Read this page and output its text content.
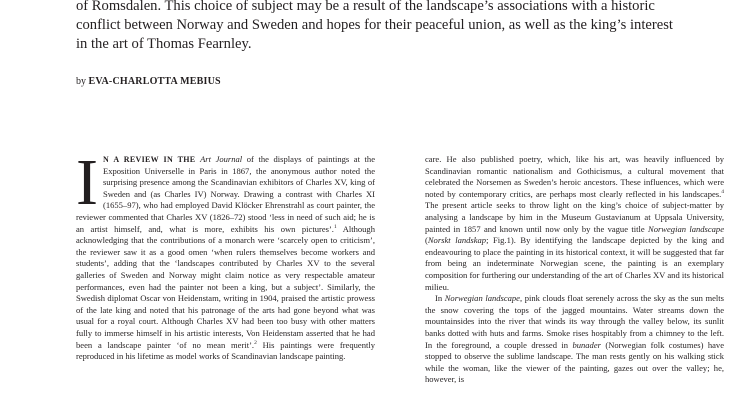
of Romsdalen. This choice of subject may be a result of the landscape’s associations with a historic
conflict between Norway and Sweden and hopes for their peaceful union, as well as the king’s interest
in the art of Thomas Fearnley.

by EVA-CHARLOTTA MEBIUS

I N A REVIEW IN THE Art Journal of the displays of paintings at the Exposition Universelle in Paris in 1867, the anonymous author noted the surprising presence among the Scandinavian exhibitors of Charles XV, king of Sweden and (as Charles IV) Norway. Drawing a contrast with Charles XI (1655–97), who had employed David Klöcker Ehrenstrahl as court painter, the reviewer commented that Charles XV (1826–72) stood ‘less in need of such aid; he is an artist himself, and, what is more, exhibits his own pictures’.$^1$ Although acknowledging that the contributions of a monarch were ‘scarcely open to criticism’, the reviewer saw it as a good omen ‘when rulers themselves become workers and students’, adding that the ‘landscapes contributed by Charles XV to the several galleries of Sweden and Norway might claim notice as very respectable amateur performances, even had the painter not been a king, but a subject’. Similarly, the Swedish diplomat Oscar von Heidenstam, writing in 1904, praised the artistic prowess of the late king and noted that his patronage of the arts had gone beyond what was usual for a royal court. Although Charles XV had been too busy with other matters fully to immerse himself in his artistic interests, Von Heidenstam asserted that he had been a landscape painter ‘of no mean merit’.$^2$ His paintings were frequently reproduced in his lifetime as model works of Scandinavian landscape painting.

care. He also published poetry, which, like his art, was heavily influenced by Scandinavian romantic nationalism and Gothicismus, a cultural movement that celebrated the Norsemen as Sweden’s heroic ancestors. These influences, which were noted by contemporary critics, are perhaps most clearly reflected in his landscapes.$^4$ The present article seeks to throw light on the king’s choice of subject-matter by analysing a landscape by him in the Museum Gustavianum at Uppsala University, painted in 1857 and known until now only by the vague title Norwegian landscape (Norskt landskap; Fig.1). By identifying the landscape depicted by the king and endeavouring to place the painting in its historical context, it will be suggested that far from being an indeterminate Norwegian scene, the painting is an exemplary composition for furthering our understanding of the art of Charles XV and its historical milieu.

In Norwegian landscape, pink clouds float serenely across the sky as the sun melts the snow covering the tops of the jagged mountains. Water streams down the mountainsides into the river that winds its way through the valley below, its sunlit banks dotted with huts and farms. Smoke rises hospitably from a chimney to the left. In the foreground, a couple dressed in bunader (Norwegian folk costumes) have stopped to observe the sublime landscape. The man rests gently on his walking stick while the woman, like the viewer of the painting, gazes out over the valley; he, however, is
